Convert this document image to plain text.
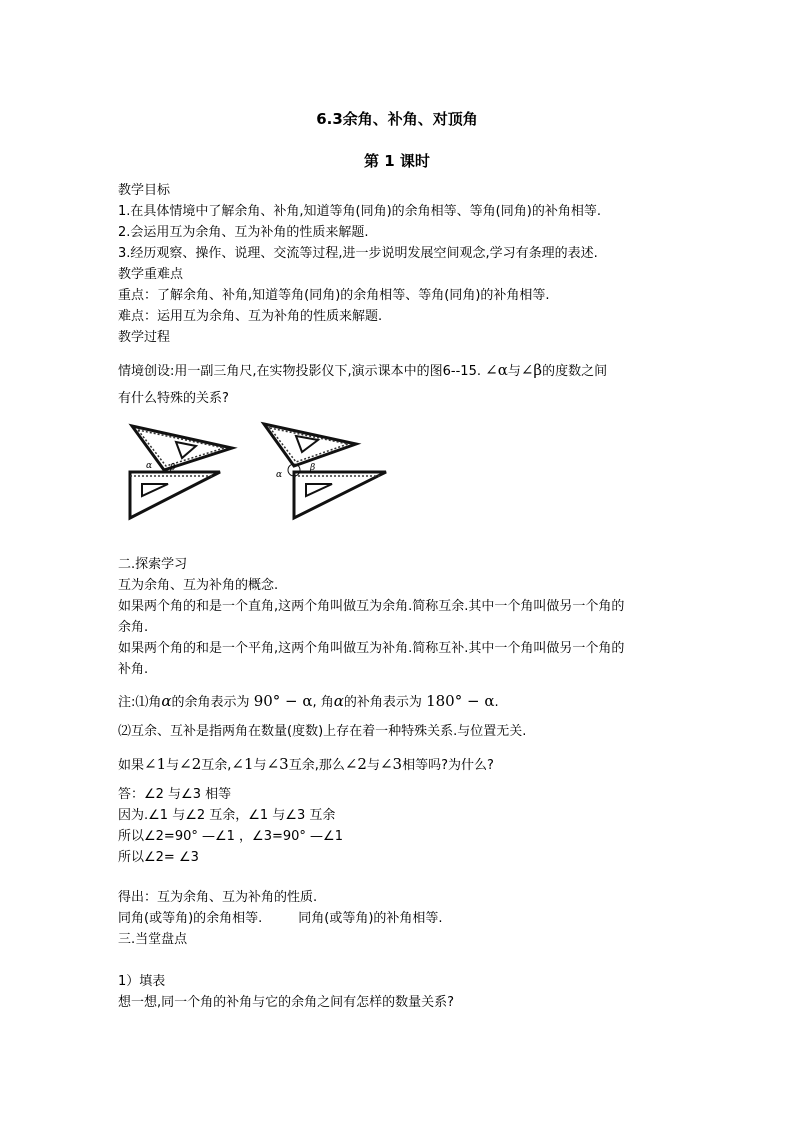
6.3余角、补角、对顶角
第 1 课时
教学目标
1.在具体情境中了解余角、补角,知道等角(同角)的余角相等、等角(同角)的补角相等.
2.会运用互为余角、互为补角的性质来解题.
3.经历观察、操作、说理、交流等过程,进一步说明发展空间观念,学习有条理的表述.
教学重难点
重点：了解余角、补角,知道等角(同角)的余角相等、等角(同角)的补角相等.
难点：运用互为余角、互为补角的性质来解题.
教学过程
情境创设:用一副三角尺,在实物投影仪下,演示课本中的图6--15. ∠α与∠β的度数之间
有什么特殊的关系?
α β
α
β
二.探索学习
互为余角、互为补角的概念.
如果两个角的和是一个直角,这两个角叫做互为余角.简称互余.其中一个角叫做另一个角的
余角.
如果两个角的和是一个平角,这两个角叫做互为补角.简称互补.其中一个角叫做另一个角的
补角.
注:⑴角α的余角表示为 90° − α, 角α的补角表示为 180° − α.
⑵互余、互补是指两角在数量(度数)上存在着一种特殊关系.与位置无关.
如果∠1与∠2互余,∠1与∠3互余,那么∠2与∠3相等吗?为什么?
答：∠2 与∠3 相等
因为.∠1 与∠2 互余，∠1 与∠3 互余
所以∠2=90° —∠1 ，∠3=90° —∠1
所以∠2= ∠3
得出：互为余角、互为补角的性质.
同角(或等角)的余角相等.	同角(或等角)的补角相等.
三.当堂盘点
1）填表
想一想,同一个角的补角与它的余角之间有怎样的数量关系?
